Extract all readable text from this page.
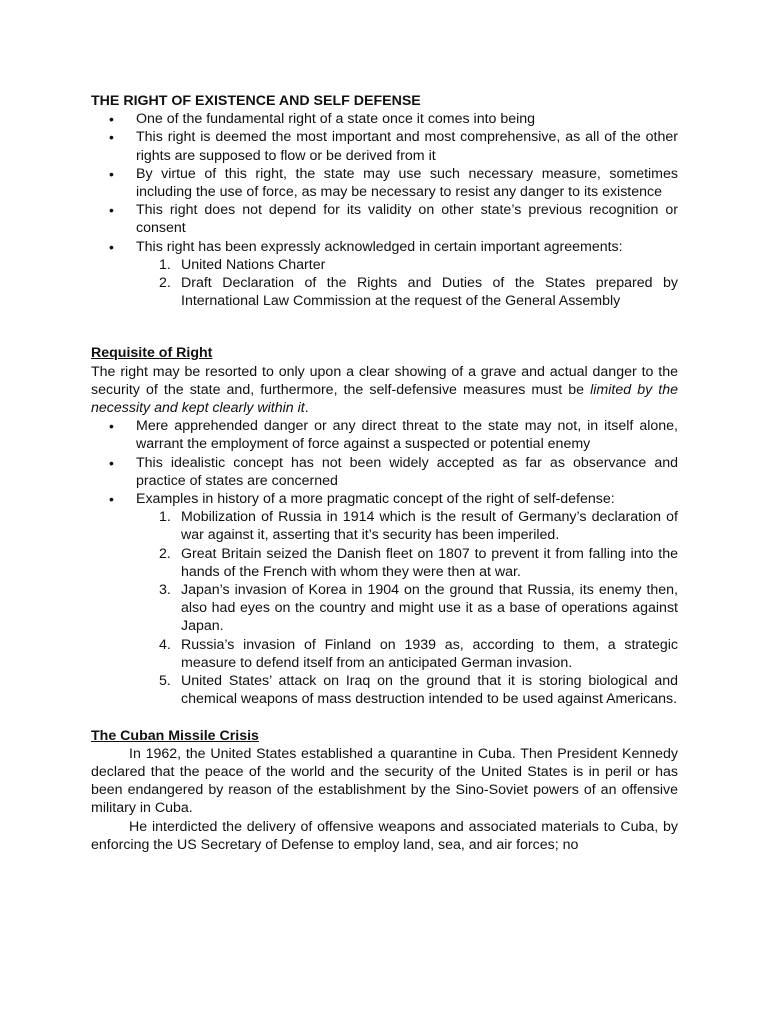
THE RIGHT OF EXISTENCE AND SELF DEFENSE
• One of the fundamental right of a state once it comes into being
• This right is deemed the most important and most comprehensive, as all of the other rights are supposed to flow or be derived from it
• By virtue of this right, the state may use such necessary measure, sometimes including the use of force, as may be necessary to resist any danger to its existence
• This right does not depend for its validity on other state’s previous recognition or consent
• This right has been expressly acknowledged in certain important agreements:
1. United Nations Charter
2. Draft Declaration of the Rights and Duties of the States prepared by International Law Commission at the request of the General Assembly
Requisite of Right

The right may be resorted to only upon a clear showing of a grave and actual danger to the security of the state and, furthermore, the self-defensive measures must be limited by the necessity and kept clearly within it.

• Mere apprehended danger or any direct threat to the state may not, in itself alone, warrant the employment of force against a suspected or potential enemy
• This idealistic concept has not been widely accepted as far as observance and practice of states are concerned
• Examples in history of a more pragmatic concept of the right of self-defense:
1. Mobilization of Russia in 1914 which is the result of Germany’s declaration of war against it, asserting that it’s security has been imperiled.
2. Great Britain seized the Danish fleet on 1807 to prevent it from falling into the hands of the French with whom they were then at war.
3. Japan’s invasion of Korea in 1904 on the ground that Russia, its enemy then, also had eyes on the country and might use it as a base of operations against Japan.
4. Russia’s invasion of Finland on 1939 as, according to them, a strategic measure to defend itself from an anticipated German invasion.
5. United States’ attack on Iraq on the ground that it is storing biological and chemical weapons of mass destruction intended to be used against Americans.
The Cuban Missile Crisis

In 1962, the United States established a quarantine in Cuba. Then President Kennedy declared that the peace of the world and the security of the United States is in peril or has been endangered by reason of the establishment by the Sino-Soviet powers of an offensive military in Cuba.

He interdicted the delivery of offensive weapons and associated materials to Cuba, by enforcing the US Secretary of Defense to employ land, sea, and air forces; no
